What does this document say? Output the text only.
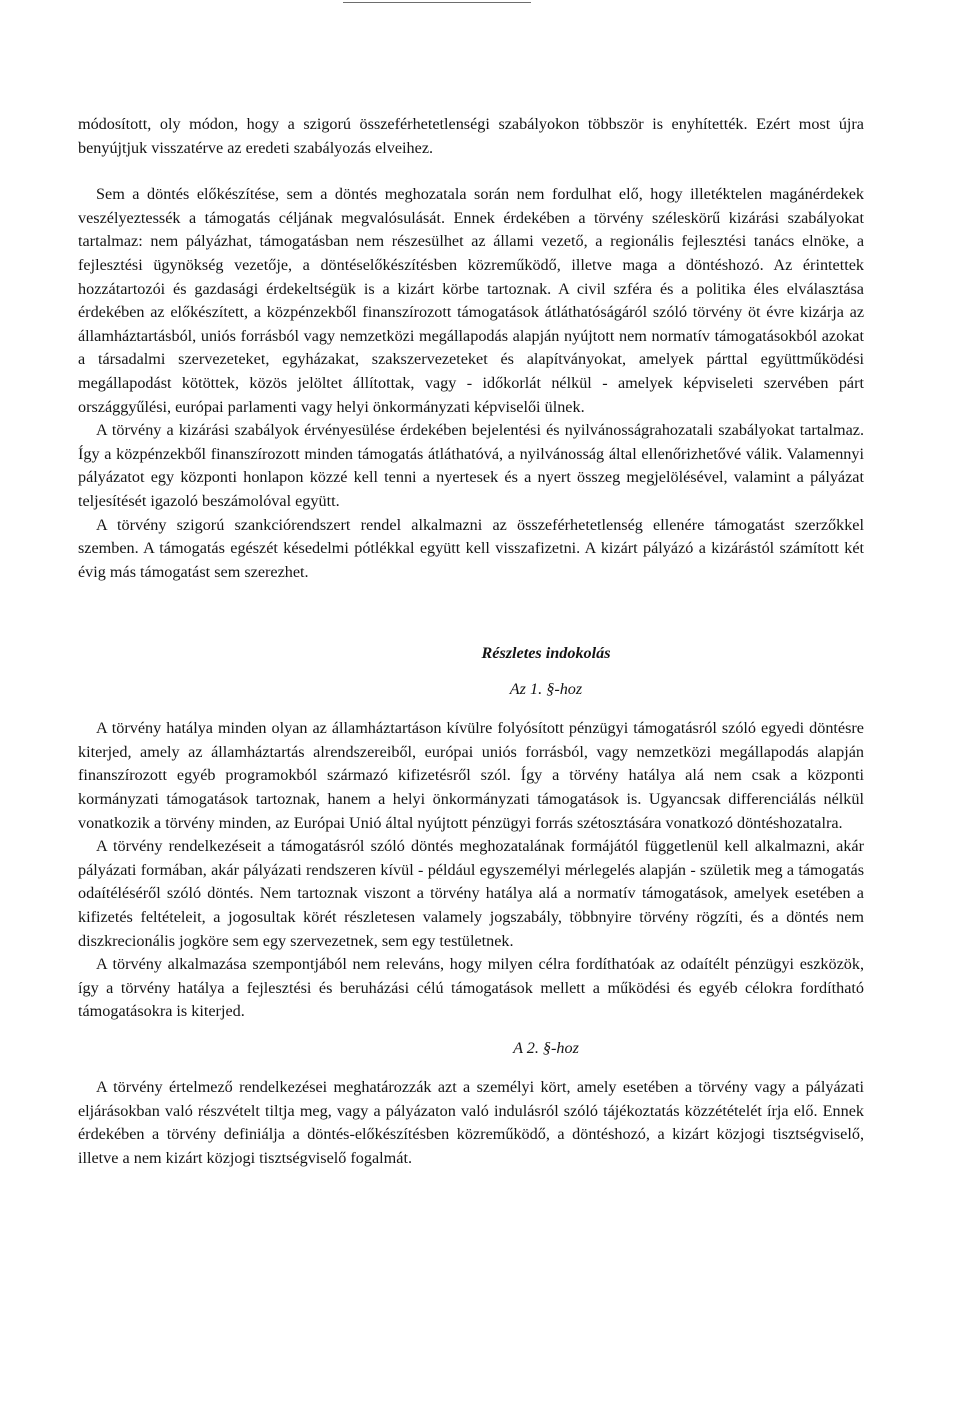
módosított, oly módon, hogy a szigorú összeférhetetlenségi szabályokon többször is enyhítették. Ezért most újra benyújtjuk visszatérve az eredeti szabályozás elveihez.

Sem a döntés előkészítése, sem a döntés meghozatala során nem fordulhat elő, hogy illetéktelen magánérdekek veszélyeztessék a támogatás céljának megvalósulását. Ennek érdekében a törvény széleskörű kizárási szabályokat tartalmaz: nem pályázhat, támogatásban nem részesülhet az állami vezető, a regionális fejlesztési tanács elnöke, a fejlesztési ügynökség vezetője, a döntéselőkészítésben közreműködő, illetve maga a döntéshozó. Az érintettek hozzátartozói és gazdasági érdekeltségük is a kizárt körbe tartoznak. A civil szféra és a politika éles elválasztása érdekében az előkészített, a közpénzekből finanszírozott támogatások átláthatóságáról szóló törvény öt évre kizárja az államháztartásból, uniós forrásból vagy nemzetközi megállapodás alapján nyújtott nem normatív támogatásokból azokat a társadalmi szervezeteket, egyházakat, szakszervezeteket és alapítványokat, amelyek párttal együttműködési megállapodást kötöttek, közös jelöltet állítottak, vagy - időkorlát nélkül - amelyek képviseleti szervében párt országgyűlési, európai parlamenti vagy helyi önkormányzati képviselői ülnek.

A törvény a kizárási szabályok érvényesülése érdekében bejelentési és nyilvánosságrahozatali szabályokat tartalmaz. Így a közpénzekből finanszírozott minden támogatás átláthatóvá, a nyilvánosság által ellenőrizhetővé válik. Valamennyi pályázatot egy központi honlapon közzé kell tenni a nyertesek és a nyert összeg megjelölésével, valamint a pályázat teljesítését igazoló beszámolóval együtt.

A törvény szigorú szankciórendszert rendel alkalmazni az összeférhetetlenség ellenére támogatást szerzőkkel szemben. A támogatás egészét késedelmi pótlékkal együtt kell visszafizetni. A kizárt pályázó a kizárástól számított két évig más támogatást sem szerezhet.

Részletes indokolás

Az 1. §-hoz

A törvény hatálya minden olyan az államháztartáson kívülre folyósított pénzügyi támogatásról szóló egyedi döntésre kiterjed, amely az államháztartás alrendszereiből, európai uniós forrásból, vagy nemzetközi megállapodás alapján finanszírozott egyéb programokból származó kifizetésről szól. Így a törvény hatálya alá nem csak a központi kormányzati támogatások tartoznak, hanem a helyi önkormányzati támogatások is. Ugyancsak differenciálás nélkül vonatkozik a törvény minden, az Európai Unió által nyújtott pénzügyi forrás szétosztására vonatkozó döntéshozatalra.

A törvény rendelkezéseit a támogatásról szóló döntés meghozatalának formájától függetlenül kell alkalmazni, akár pályázati formában, akár pályázati rendszeren kívül - például egyszemélyi mérlegelés alapján - születik meg a támogatás odaítéléséről szóló döntés. Nem tartoznak viszont a törvény hatálya alá a normatív támogatások, amelyek esetében a kifizetés feltételeit, a jogosultak körét részletesen valamely jogszabály, többnyire törvény rögzíti, és a döntés nem diszkrecionális jogköre sem egy szervezetnek, sem egy testületnek.

A törvény alkalmazása szempontjából nem releváns, hogy milyen célra fordíthatóak az odaítélt pénzügyi eszközök, így a törvény hatálya a fejlesztési és beruházási célú támogatások mellett a működési és egyéb célokra fordítható támogatásokra is kiterjed.

A 2. §-hoz

A törvény értelmező rendelkezései meghatározzák azt a személyi kört, amely esetében a törvény vagy a pályázati eljárásokban való részvételt tiltja meg, vagy a pályázaton való indulásról szóló tájékoztatás közzétételét írja elő. Ennek érdekében a törvény definiálja a döntés-előkészítésben közreműködő, a döntéshozó, a kizárt közjogi tisztségviselő, illetve a nem kizárt közjogi tisztségviselő fogalmát.
